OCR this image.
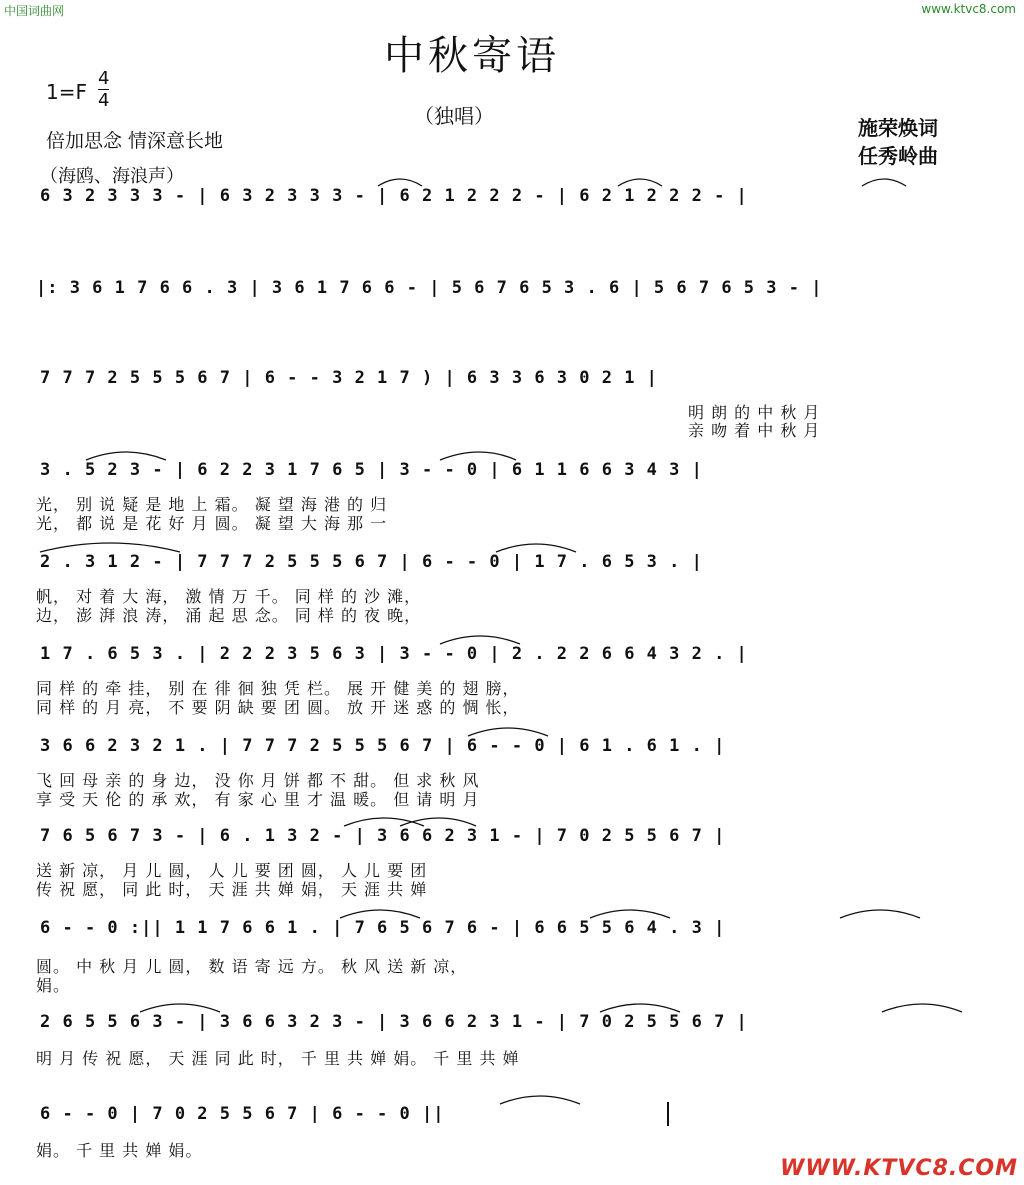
中国词曲网	www.ktvc8.com
中秋寄语
1=F
4
4
（独唱）
倍加思念 情深意长地
施荣焕词
任秀岭曲
（海鸥、海浪声）
6 3 2 3 3 3 - | 6 3 2 3 3 3 - | 6 2 1 2 2 2 - | 6 2 1 2 2 2 - |
|: 3 6 1 7 6 6 . 3 | 3 6 1 7 6 6 - | 5 6 7 6 5 3 . 6 | 5 6 7 6 5 3 - |
7 7 7 2 5 5 5 6 7 | 6 - - 3 2 1 7 ) | 6 3 3 6 3 0 2 1 |
明 朗 的 中 秋 月
亲 吻 着 中 秋 月
3 . 5 2 3 - | 6 2 2 3 1 7 6 5 | 3 - - 0 | 6 1 1 6 6 3 4 3 |
光， 别 说 疑 是 地 上 霜。 凝 望 海 港 的 归
光， 都 说 是 花 好 月 圆。 凝 望 大 海 那 一
2 . 3 1 2 - | 7 7 7 2 5 5 5 6 7 | 6 - - 0 | 1 7 . 6 5 3 . |
帆， 对 着 大 海， 激 情 万 千。 同 样 的 沙 滩，
边， 澎 湃 浪 涛， 涌 起 思 念。 同 样 的 夜 晚，
1 7 . 6 5 3 . | 2 2 2 3 5 6 3 | 3 - - 0 | 2 . 2 2 6 6 4 3 2 . |
同 样 的 牵 挂， 别 在 徘 徊 独 凭 栏。 展 开 健 美 的 翅 膀，
同 样 的 月 亮， 不 要 阴 缺 要 团 圆。 放 开 迷 惑 的 惆 怅，
3 6 6 2 3 2 1 . | 7 7 7 2 5 5 5 6 7 | 6 - - 0 | 6 1 . 6 1 . |
飞 回 母 亲 的 身 边， 没 你 月 饼 都 不 甜。 但 求 秋 风
享 受 天 伦 的 承 欢， 有 家 心 里 才 温 暖。 但 请 明 月
7 6 5 6 7 3 - | 6 . 1 3 2 - | 3 6 6 2 3 1 - | 7 0 2 5 5 6 7 |
送 新 凉， 月 儿 圆， 人 儿 要 团 圆， 人 儿 要 团
传 祝 愿， 同 此 时， 天 涯 共 婵 娟， 天 涯 共 婵
6 - - 0 :|| 1 1 7 6 6 1 . | 7 6 5 6 7 6 - | 6 6 5 5 6 4 . 3 |
圆。 中 秋 月 儿 圆， 数 语 寄 远 方。 秋 风 送 新 凉，
娟。
2 6 5 5 6 3 - | 3 6 6 3 2 3 - | 3 6 6 2 3 1 - | 7 0 2 5 5 6 7 |
明 月 传 祝 愿， 天 涯 同 此 时， 千 里 共 婵 娟。 千 里 共 婵
6 - - 0 | 7 0 2 5 5 6 7 | 6 - - 0 ||
娟。 千 里 共 婵 娟。
WWW.KTVC8.COM
